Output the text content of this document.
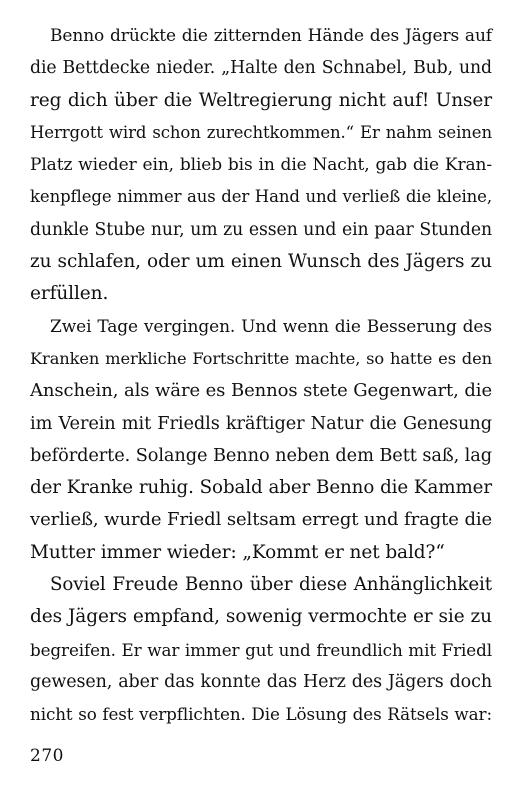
Benno drückte die zitternden Hände des Jägers auf
die Bettdecke nieder. „Halte den Schnabel, Bub, und
reg dich über die Weltregierung nicht auf! Unser
Herrgott wird schon zurechtkommen.“ Er nahm seinen
Platz wieder ein, blieb bis in die Nacht, gab die Kran-
kenpflege nimmer aus der Hand und verließ die kleine,
dunkle Stube nur, um zu essen und ein paar Stunden
zu schlafen, oder um einen Wunsch des Jägers zu
erfüllen.
Zwei Tage vergingen. Und wenn die Besserung des
Kranken merkliche Fortschritte machte, so hatte es den
Anschein, als wäre es Bennos stete Gegenwart, die
im Verein mit Friedls kräftiger Natur die Genesung
beförderte. Solange Benno neben dem Bett saß, lag
der Kranke ruhig. Sobald aber Benno die Kammer
verließ, wurde Friedl seltsam erregt und fragte die
Mutter immer wieder: „Kommt er net bald?“
Soviel Freude Benno über diese Anhänglichkeit
des Jägers empfand, sowenig vermochte er sie zu
begreifen. Er war immer gut und freundlich mit Friedl
gewesen, aber das konnte das Herz des Jägers doch
nicht so fest verpflichten. Die Lösung des Rätsels war:
270
